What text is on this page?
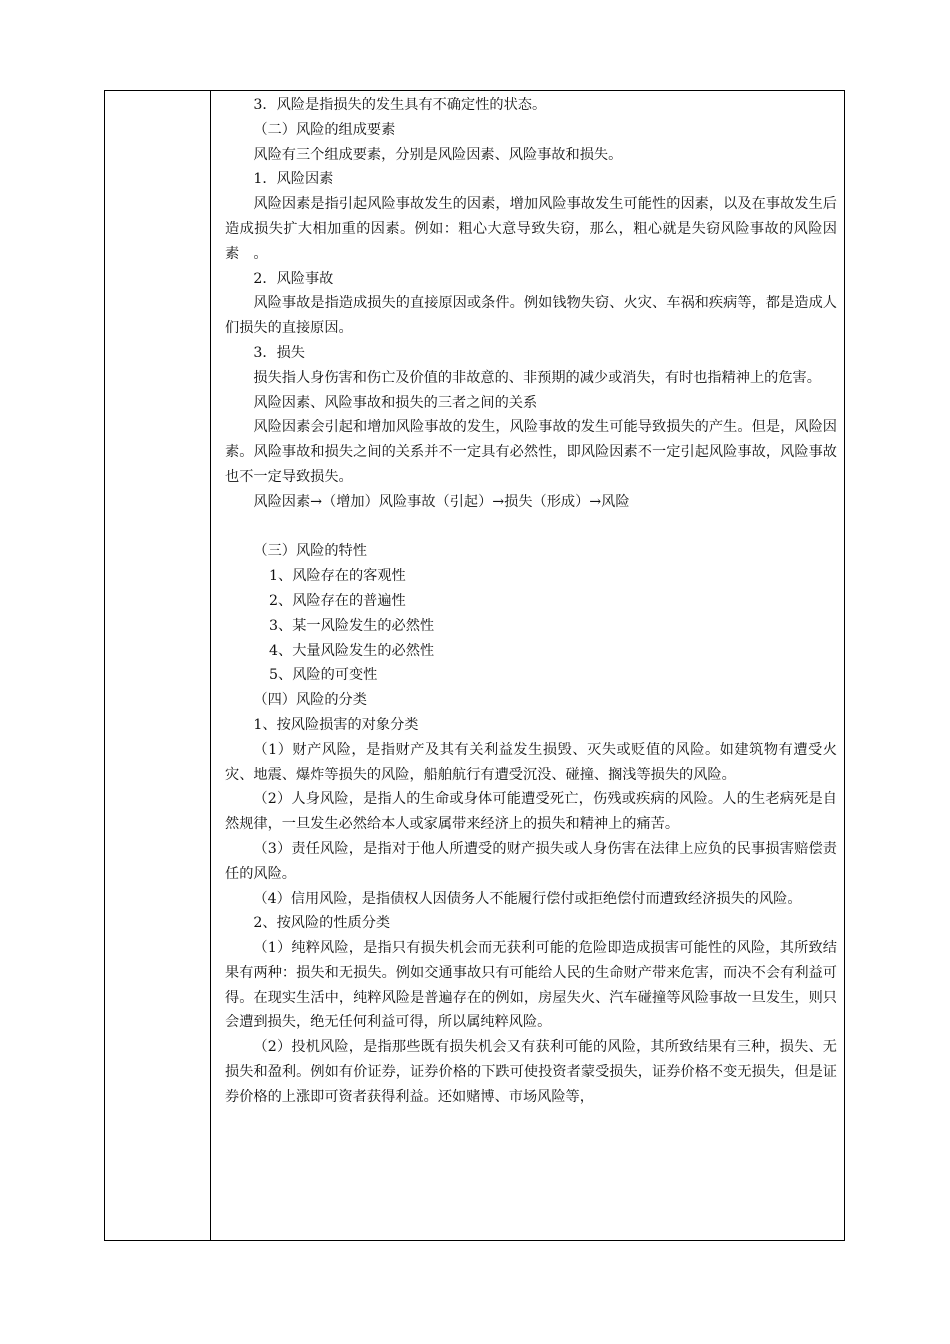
3．风险是指损失的发生具有不确定性的状态。

（二）风险的组成要素

风险有三个组成要素，分别是风险因素、风险事故和损失。

1．风险因素

风险因素是指引起风险事故发生的因素，增加风险事故发生可能性的因素，以及在事故发生后造成损失扩大相加重的因素。例如：粗心大意导致失窃，那么，粗心就是失窃风险事故的风险因素　。

2．风险事故

风险事故是指造成损失的直接原因或条件。例如钱物失窃、火灾、车祸和疾病等，都是造成人们损失的直接原因。

3．损失

损失指人身伤害和伤亡及价值的非故意的、非预期的减少或消失，有时也指精神上的危害。

风险因素、风险事故和损失的三者之间的关系

风险因素会引起和增加风险事故的发生，风险事故的发生可能导致损失的产生。但是，风险因素。风险事故和损失之间的关系并不一定具有必然性，即风险因素不一定引起风险事故，风险事故也不一定导致损失。

风险因素→（增加）风险事故（引起）→损失（形成）→风险

（三）风险的特性

1、风险存在的客观性

2、风险存在的普遍性

3、某一风险发生的必然性

4、大量风险发生的必然性

5、风险的可变性

（四）风险的分类

1、按风险损害的对象分类

（1）财产风险，是指财产及其有关利益发生损毁、灭失或贬值的风险。如建筑物有遭受火灾、地震、爆炸等损失的风险，船舶航行有遭受沉没、碰撞、搁浅等损失的风险。

（2）人身风险，是指人的生命或身体可能遭受死亡，伤残或疾病的风险。人的生老病死是自然规律，一旦发生必然给本人或家属带来经济上的损失和精神上的痛苦。

（3）责任风险，是指对于他人所遭受的财产损失或人身伤害在法律上应负的民事损害赔偿责任的风险。

（4）信用风险，是指债权人因债务人不能履行偿付或拒绝偿付而遭致经济损失的风险。

2、按风险的性质分类

（1）纯粹风险，是指只有损失机会而无获利可能的危险即造成损害可能性的风险，其所致结果有两种：损失和无损失。例如交通事故只有可能给人民的生命财产带来危害，而决不会有利益可得。在现实生活中，纯粹风险是普遍存在的例如，房屋失火、汽车碰撞等风险事故一旦发生，则只会遭到损失，绝无任何利益可得，所以属纯粹风险。

（2）投机风险，是指那些既有损失机会又有获利可能的风险，其所致结果有三种，损失、无损失和盈利。例如有价证券，证券价格的下跌可使投资者蒙受损失，证券价格不变无损失，但是证券价格的上涨即可资者获得利益。还如赌博、市场风险等，
